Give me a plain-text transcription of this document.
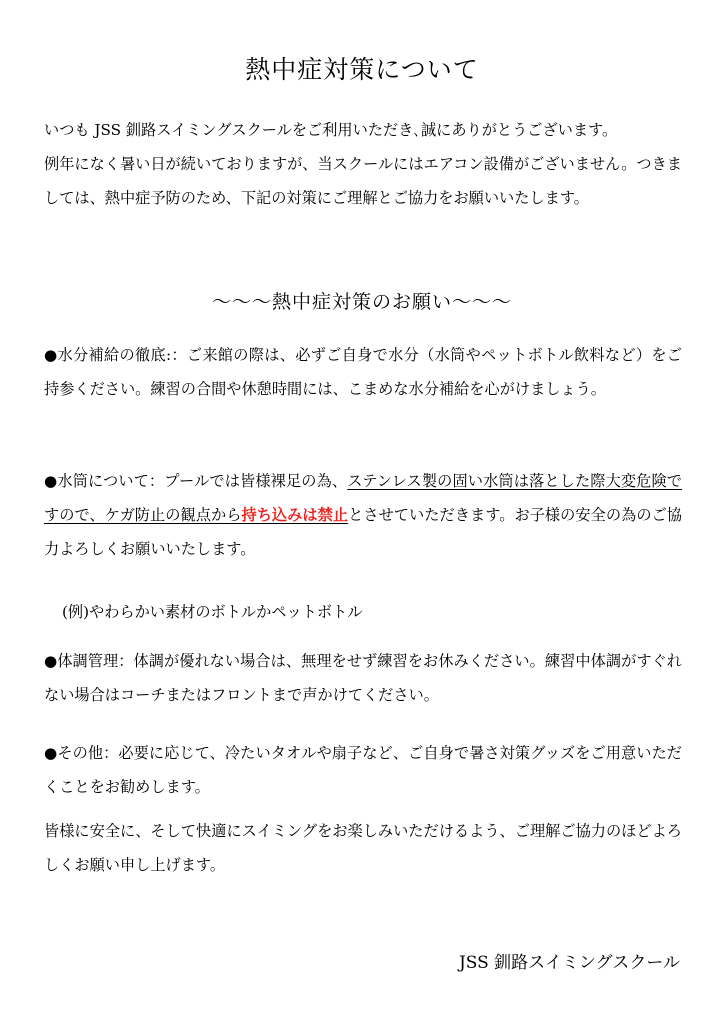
熱中症対策について
いつも JSS 釧路スイミングスクールをご利用いただき､誠にありがとうございます。
例年になく暑い日が続いておりますが、当スクールにはエアコン設備がございません。つきましては、熱中症予防のため、下記の対策にご理解とご協力をお願いいたします。
〜〜〜熱中症対策のお願い〜〜〜
●水分補給の徹底:：ご来館の際は、必ずご自身で水分（水筒やペットボトル飲料など）をご持参ください。練習の合間や休憩時間には、こまめな水分補給を心がけましょう。
●水筒について：プールでは皆様裸足の為、ステンレス製の固い水筒は落とした際大変危険ですので、ケガ防止の観点から持ち込みは禁止とさせていただきます。お子様の安全の為のご協力よろしくお願いいたします。
(例)やわらかい素材のボトルかペットボトル
●体調管理：体調が優れない場合は、無理をせず練習をお休みください。練習中体調がすぐれない場合はコーチまたはフロントまで声かけてください。
●その他：必要に応じて、冷たいタオルや扇子など、ご自身で暑さ対策グッズをご用意いただくことをお勧めします。
皆様に安全に、そして快適にスイミングをお楽しみいただけるよう、ご理解ご協力のほどよろしくお願い申し上げます。
JSS 釧路スイミングスクール
